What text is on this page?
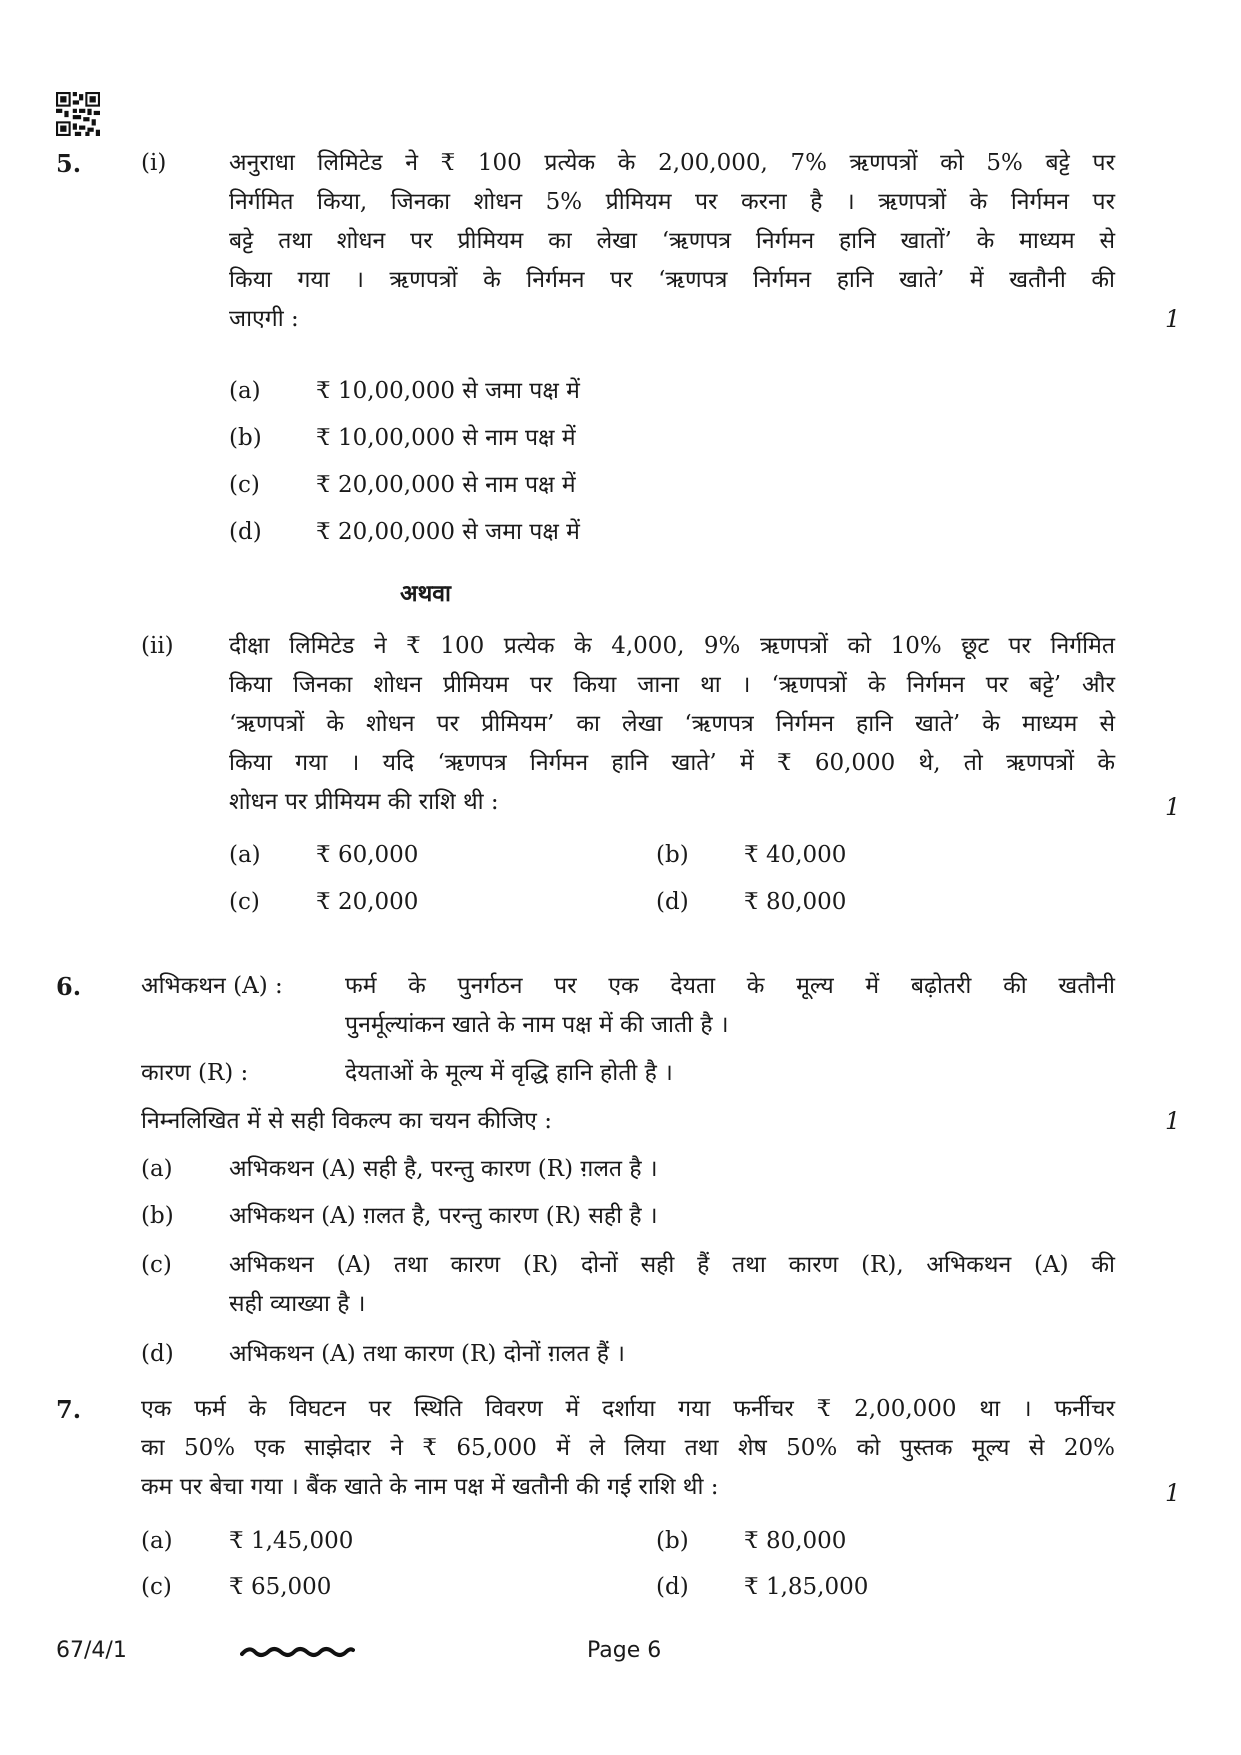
5.	(i)	अनुराधा लिमिटेड ने ₹ 100 प्रत्येक के 2,00,000, 7% ऋणपत्रों को 5% बट्टे पर
निर्गमित किया, जिनका शोधन 5% प्रीमियम पर करना है । ऋणपत्रों के निर्गमन पर
बट्टे तथा शोधन पर प्रीमियम का लेखा ‘ऋणपत्र निर्गमन हानि खातों’ के माध्यम से
किया गया । ऋणपत्रों के निर्गमन पर ‘ऋणपत्र निर्गमन हानि खाते’ में खतौनी की
जाएगी :	1
(a) ₹ 10,00,000 से जमा पक्ष में
(b) ₹ 10,00,000 से नाम पक्ष में
(c) ₹ 20,00,000 से नाम पक्ष में
(d) ₹ 20,00,000 से जमा पक्ष में
अथवा
(ii) दीक्षा लिमिटेड ने ₹ 100 प्रत्येक के 4,000, 9% ऋणपत्रों को 10% छूट पर निर्गमित
किया जिनका शोधन प्रीमियम पर किया जाना था । ‘ऋणपत्रों के निर्गमन पर बट्टे’ और
‘ऋणपत्रों के शोधन पर प्रीमियम’ का लेखा ‘ऋणपत्र निर्गमन हानि खाते’ के माध्यम से
किया गया । यदि ‘ऋणपत्र निर्गमन हानि खाते’ में ₹ 60,000 थे, तो ऋणपत्रों के
शोधन पर प्रीमियम की राशि थी :	1
(a) ₹ 60,000	(b) ₹ 40,000
(c) ₹ 20,000	(d) ₹ 80,000
6.	अभिकथन (A) :	फर्म के पुनर्गठन पर एक देयता के मूल्य में बढ़ोतरी की खतौनी
पुनर्मूल्यांकन खाते के नाम पक्ष में की जाती है ।
कारण (R) :	देयताओं के मूल्य में वृद्धि हानि होती है ।
निम्नलिखित में से सही विकल्प का चयन कीजिए :	1
(a) अभिकथन (A) सही है, परन्तु कारण (R) ग़लत है ।
(b) अभिकथन (A) ग़लत है, परन्तु कारण (R) सही है ।
(c) अभिकथन (A) तथा कारण (R) दोनों सही हैं तथा कारण (R), अभिकथन (A) की
सही व्याख्या है ।
(d) अभिकथन (A) तथा कारण (R) दोनों ग़लत हैं ।
7.	एक फर्म के विघटन पर स्थिति विवरण में दर्शाया गया फर्नीचर ₹ 2,00,000 था । फर्नीचर
का 50% एक साझेदार ने ₹ 65,000 में ले लिया तथा शेष 50% को पुस्तक मूल्य से 20%
कम पर बेचा गया । बैंक खाते के नाम पक्ष में खतौनी की गई राशि थी :	1
(a) ₹ 1,45,000	(b) ₹ 80,000
(c) ₹ 65,000	(d) ₹ 1,85,000
67/4/1	Page 6
